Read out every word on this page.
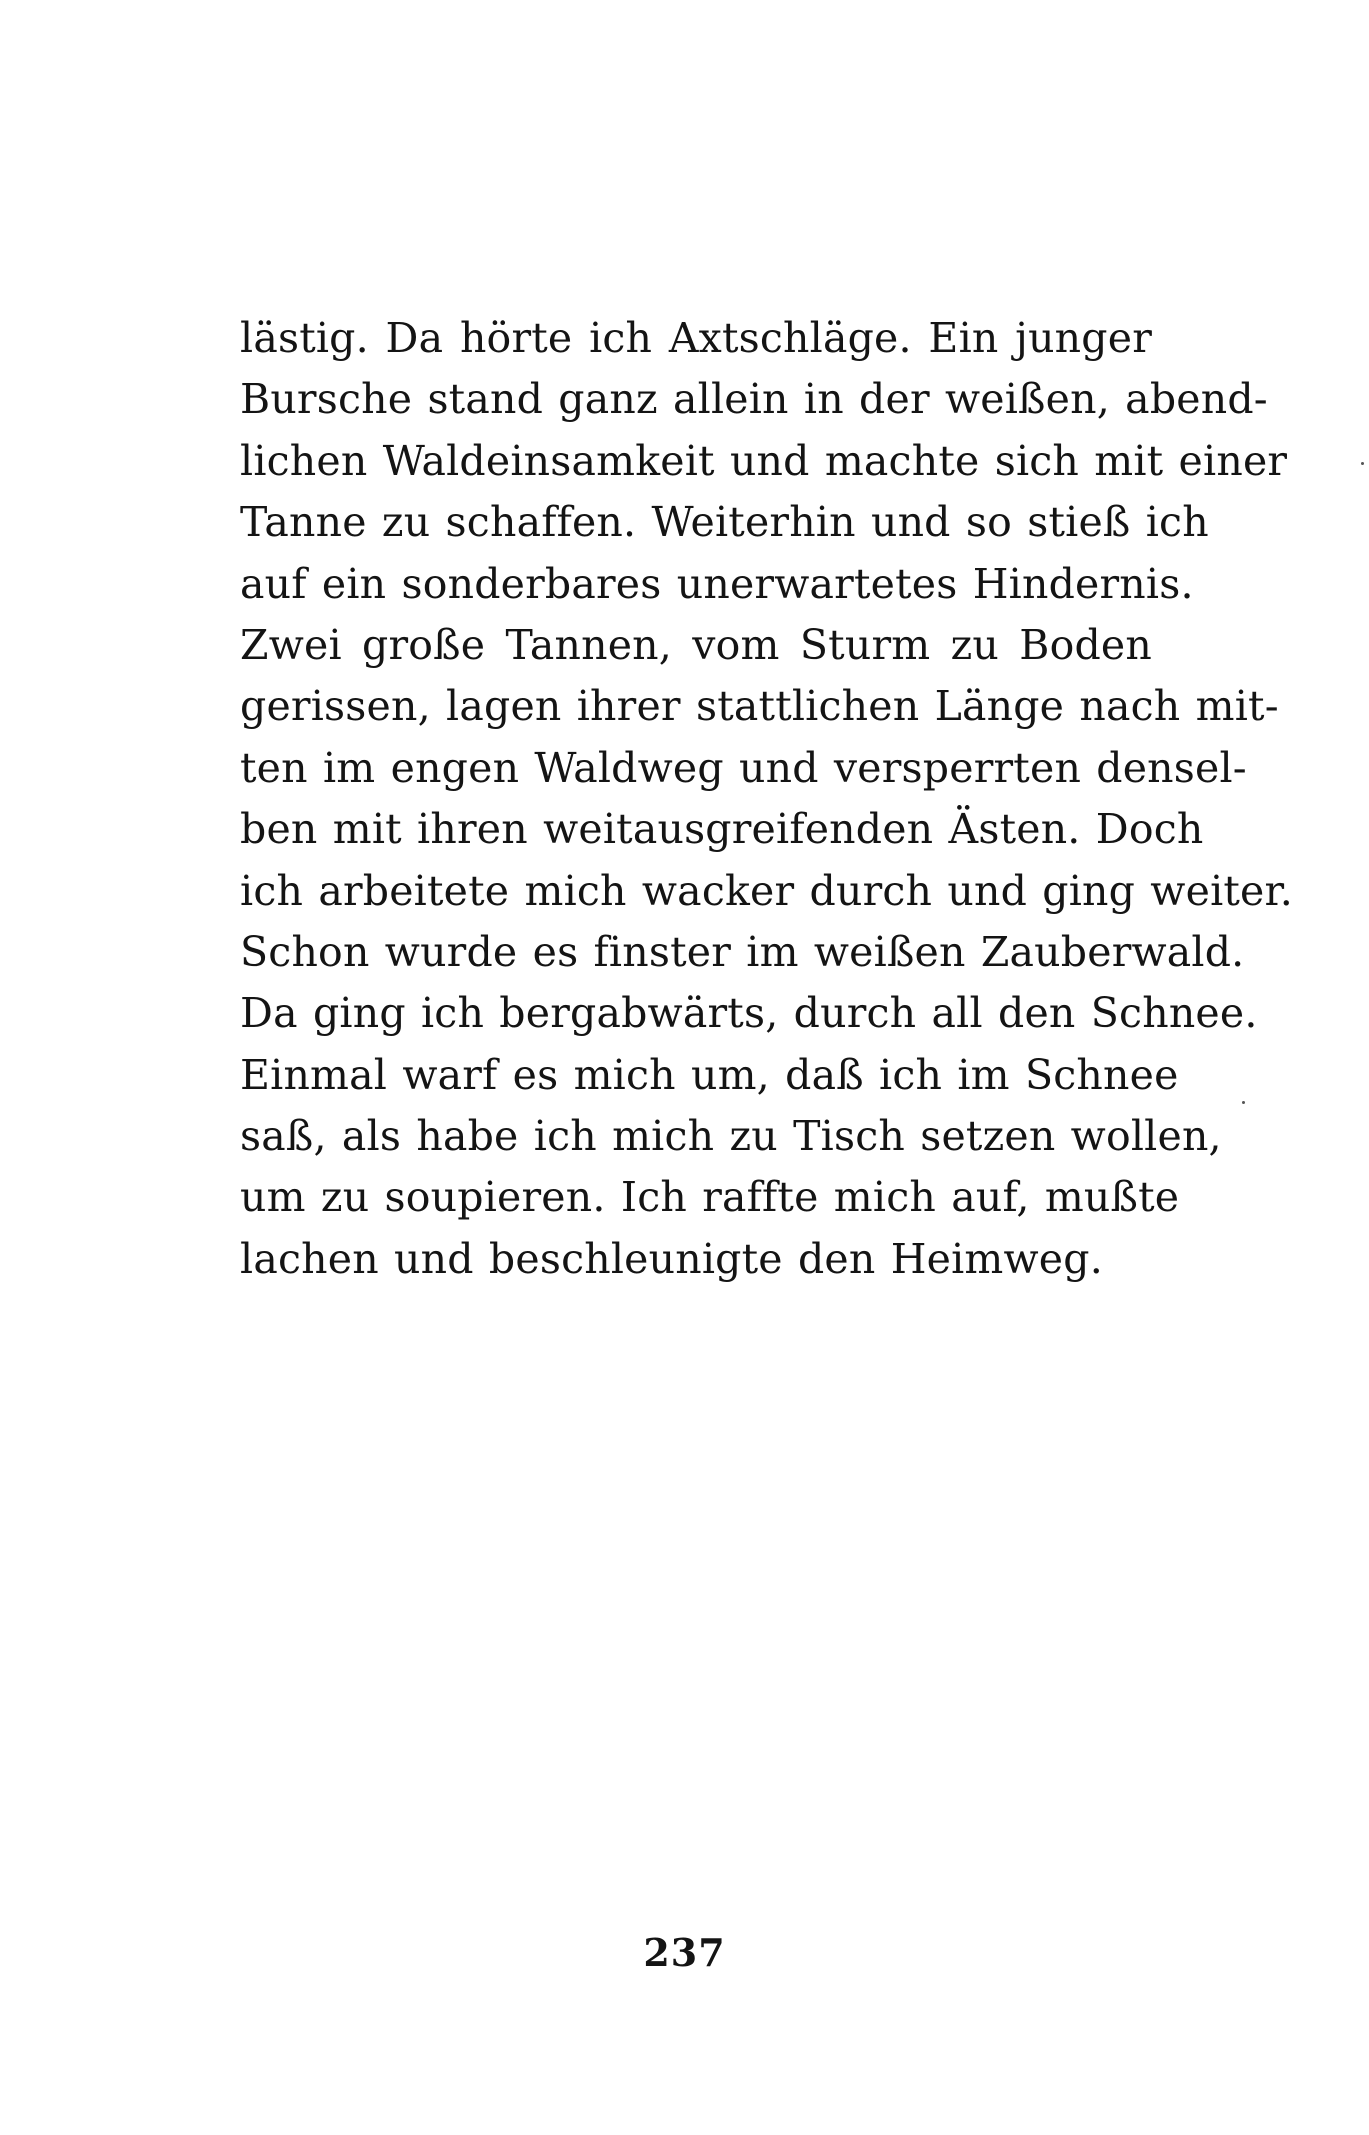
lästig. Da hörte ich Axtschläge. Ein junger
Bursche stand ganz allein in der weißen, abend-
lichen Waldeinsamkeit und machte sich mit einer
Tanne zu schaffen. Weiterhin und so stieß ich
auf ein sonderbares unerwartetes Hindernis.
Zwei große Tannen, vom Sturm zu Boden
gerissen, lagen ihrer stattlichen Länge nach mit-
ten im engen Waldweg und versperrten densel-
ben mit ihren weitausgreifenden Ästen. Doch
ich arbeitete mich wacker durch und ging weiter.
Schon wurde es finster im weißen Zauberwald.
Da ging ich bergabwärts, durch all den Schnee.
Einmal warf es mich um, daß ich im Schnee
saß, als habe ich mich zu Tisch setzen wollen,
um zu soupieren. Ich raffte mich auf, mußte
lachen und beschleunigte den Heimweg.
237
